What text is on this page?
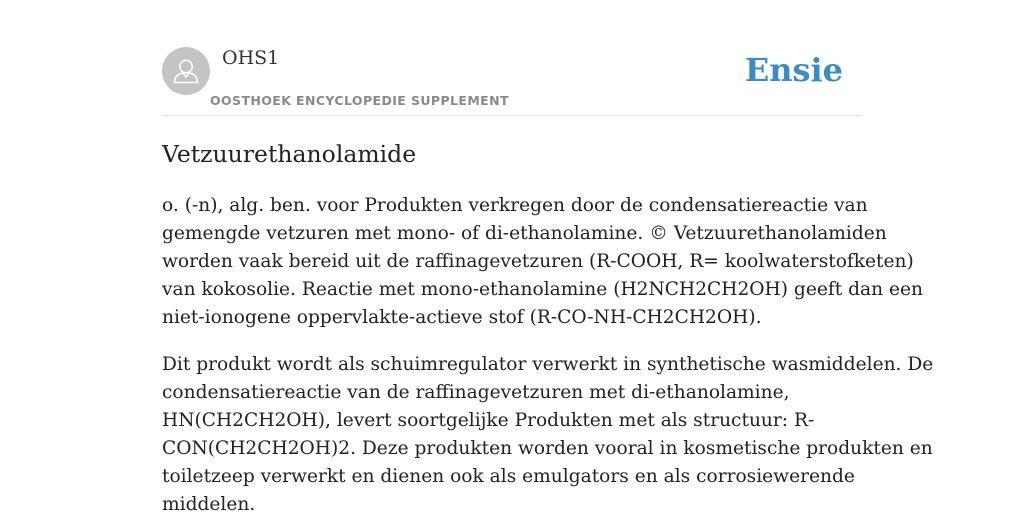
OHS1
OOSTHOEK ENCYCLOPEDIE SUPPLEMENT
Ensie
Vetzuurethanolamide
o. (-n), alg. ben. voor Produkten verkregen door de condensatiereactie van
gemengde vetzuren met mono- of di-ethanolamine. © Vetzuurethanolamiden
worden vaak bereid uit de raffinagevetzuren (R-COOH, R= koolwaterstofketen)
van kokosolie. Reactie met mono-ethanolamine (H2NCH2CH2OH) geeft dan een
niet-ionogene oppervlakte-actieve stof (R-CO-NH-CH2CH2OH).
Dit produkt wordt als schuimregulator verwerkt in synthetische wasmiddelen. De
condensatiereactie van de raffinagevetzuren met di-ethanolamine,
HN(CH2CH2OH), levert soortgelijke Produkten met als structuur: R-
CON(CH2CH2OH)2. Deze produkten worden vooral in kosmetische produkten en
toiletzeep verwerkt en dienen ook als emulgators en als corrosiewerende
middelen.
